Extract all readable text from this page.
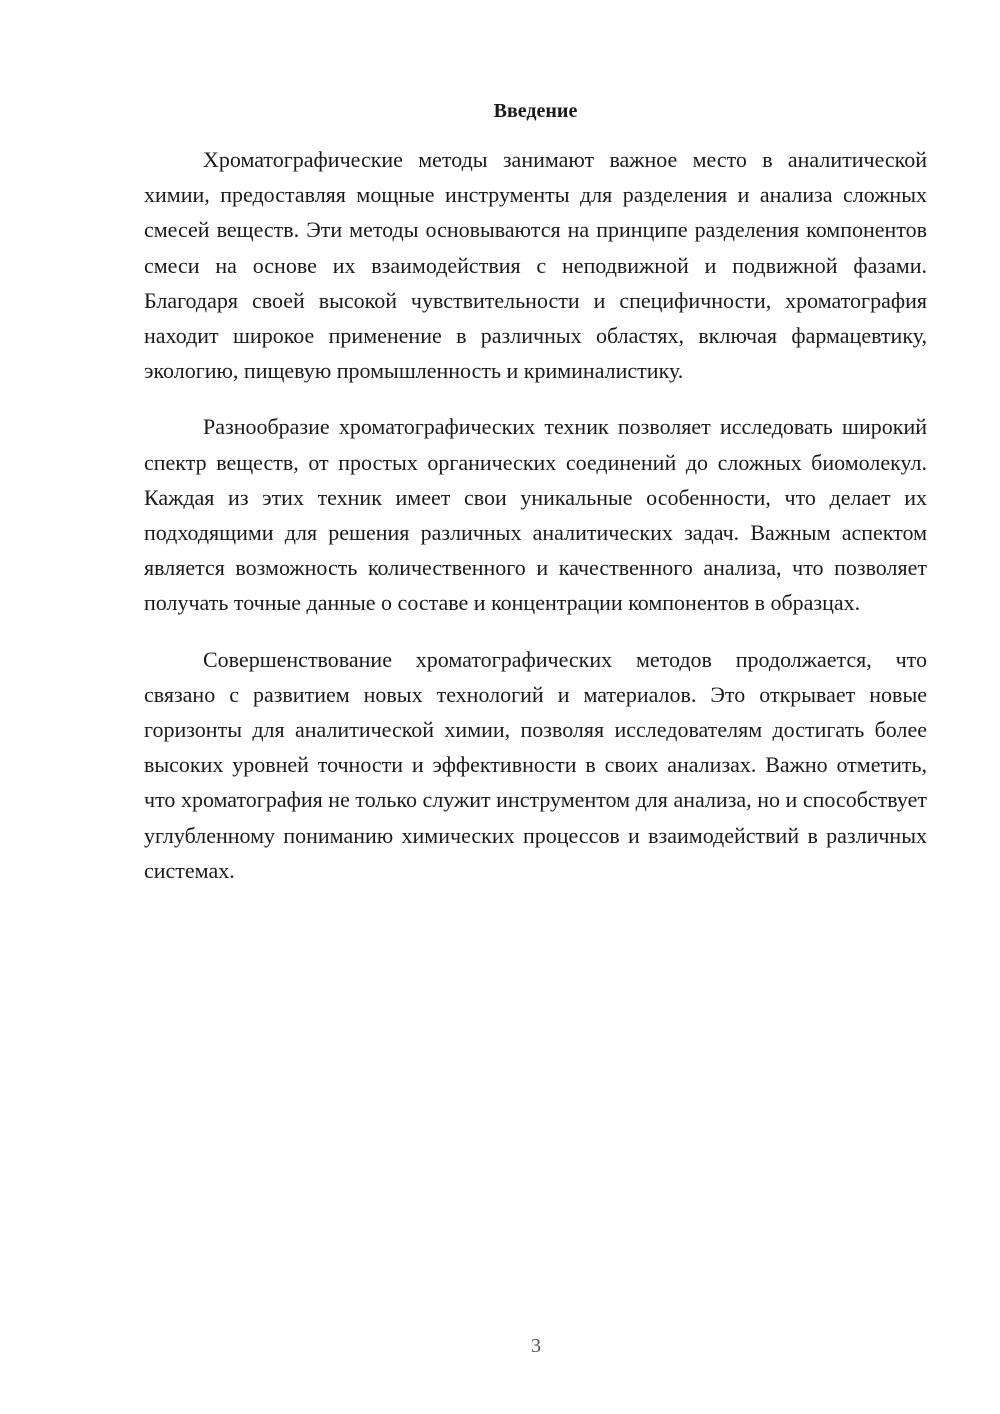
Введение

Хроматографические методы занимают важное место в аналитической химии, предоставляя мощные инструменты для разделения и анализа сложных смесей веществ. Эти методы основываются на принципе разделения компонентов смеси на основе их взаимодействия с неподвижной и подвижной фазами. Благодаря своей высокой чувствительности и специфичности, хроматография находит широкое применение в различных областях, включая фармацевтику, экологию, пищевую промышленность и криминалистику.

Разнообразие хроматографических техник позволяет исследовать широкий спектр веществ, от простых органических соединений до сложных биомолекул. Каждая из этих техник имеет свои уникальные особенности, что делает их подходящими для решения различных аналитических задач. Важным аспектом является возможность количественного и качественного анализа, что позволяет получать точные данные о составе и концентрации компонентов в образцах.

Совершенствование хроматографических методов продолжается, что связано с развитием новых технологий и материалов. Это открывает новые горизонты для аналитической химии, позволяя исследователям достигать более высоких уровней точности и эффективности в своих анализах. Важно отметить, что хроматография не только служит инструментом для анализа, но и способствует углубленному пониманию химических процессов и взаимодействий в различных системах.

3
